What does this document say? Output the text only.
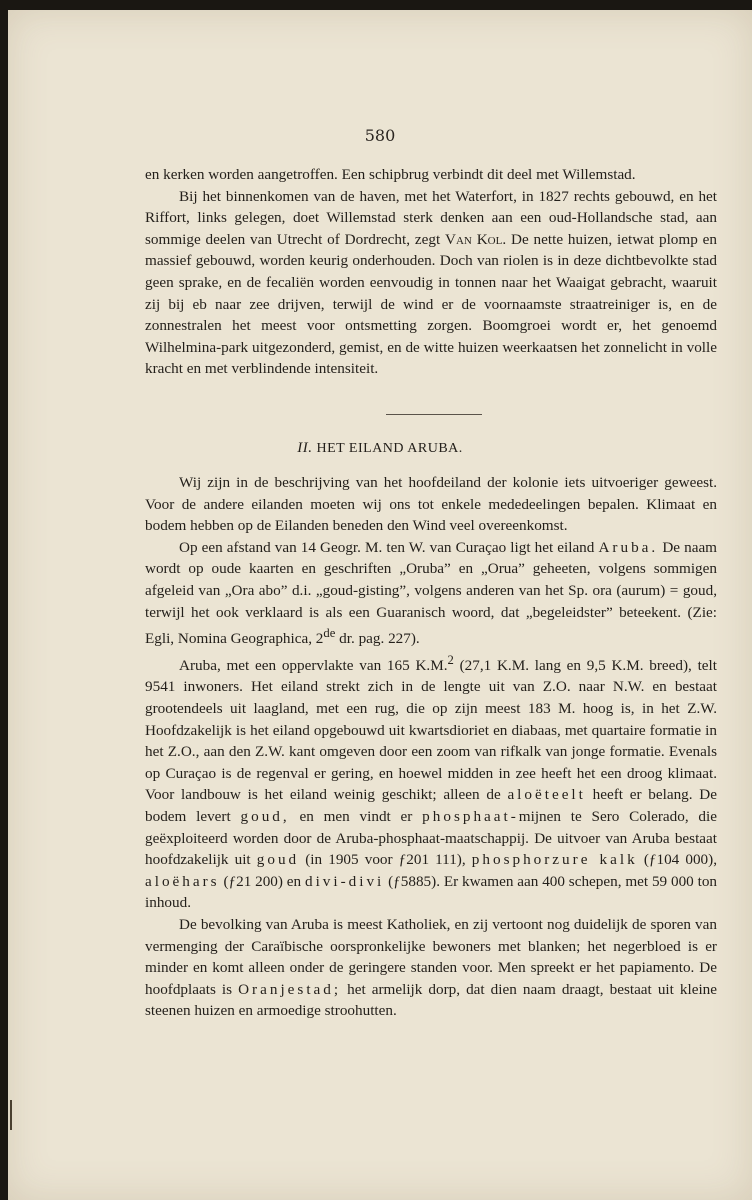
580

en kerken worden aangetroffen. Een schipbrug verbindt dit deel met Willemstad.

Bij het binnenkomen van de haven, met het Waterfort, in 1827 rechts gebouwd, en het Riffort, links gelegen, doet Willemstad sterk denken aan een oud-Hollandsche stad, aan sommige deelen van Utrecht of Dordrecht, zegt Van Kol. De nette huizen, ietwat plomp en massief gebouwd, worden keurig onderhouden. Doch van riolen is in deze dichtbevolkte stad geen sprake, en de fecaliën worden eenvoudig in tonnen naar het Waaigat gebracht, waaruit zij bij eb naar zee drijven, terwijl de wind er de voornaamste straatreiniger is, en de zonnestralen het meest voor ontsmetting zorgen. Boomgroei wordt er, het genoemd Wilhelmina-park uitgezonderd, gemist, en de witte huizen weerkaatsen het zonnelicht in volle kracht en met verblindende intensiteit.

II. HET EILAND ARUBA.

Wij zijn in de beschrijving van het hoofdeiland der kolonie iets uitvoeriger geweest. Voor de andere eilanden moeten wij ons tot enkele mededeelingen bepalen. Klimaat en bodem hebben op de Eilanden beneden den Wind veel overeenkomst.

Op een afstand van 14 Geogr. M. ten W. van Curaçao ligt het eiland Aruba. De naam wordt op oude kaarten en geschriften „Oruba” en „Orua” geheeten, volgens sommigen afgeleid van „Ora abo” d.i. „goud-gisting”, volgens anderen van het Sp. ora (aurum) = goud, terwijl het ook verklaard is als een Guaranisch woord, dat „begeleidster” beteekent. (Zie: Egli, Nomina Geographica, 2de dr. pag. 227).

Aruba, met een oppervlakte van 165 K.M.$^2$ (27,1 K.M. lang en 9,5 K.M. breed), telt 9541 inwoners. Het eiland strekt zich in de lengte uit van Z.O. naar N.W. en bestaat grootendeels uit laagland, met een rug, die op zijn meest 183 M. hoog is, in het Z.W. Hoofdzakelijk is het eiland opgebouwd uit kwartsdioriet en diabaas, met quartaire formatie in het Z.O., aan den Z.W. kant omgeven door een zoom van rifkalk van jonge formatie. Evenals op Curaçao is de regenval er gering, en hoewel midden in zee heeft het een droog klimaat. Voor landbouw is het eiland weinig geschikt; alleen de aloëteelt heeft er belang. De bodem levert goud, en men vindt er phosphaat-mijnen te Sero Colerado, die geëxploiteerd worden door de Aruba-phosphaat-maatschappij. De uitvoer van Aruba bestaat hoofdzakelijk uit goud (in 1905 voor ƒ201 111), phosphorzure kalk (ƒ104 000), aloëhars (ƒ21 200) en divi-divi (ƒ5885). Er kwamen aan 400 schepen, met 59 000 ton inhoud.

De bevolking van Aruba is meest Katholiek, en zij vertoont nog duidelijk de sporen van vermenging der Caraïbische oorspronkelijke bewoners met blanken; het negerbloed is er minder en komt alleen onder de geringere standen voor. Men spreekt er het papiamento. De hoofdplaats is Oranjestad; het armelijk dorp, dat dien naam draagt, bestaat uit kleine steenen huizen en armoedige stroohutten.
